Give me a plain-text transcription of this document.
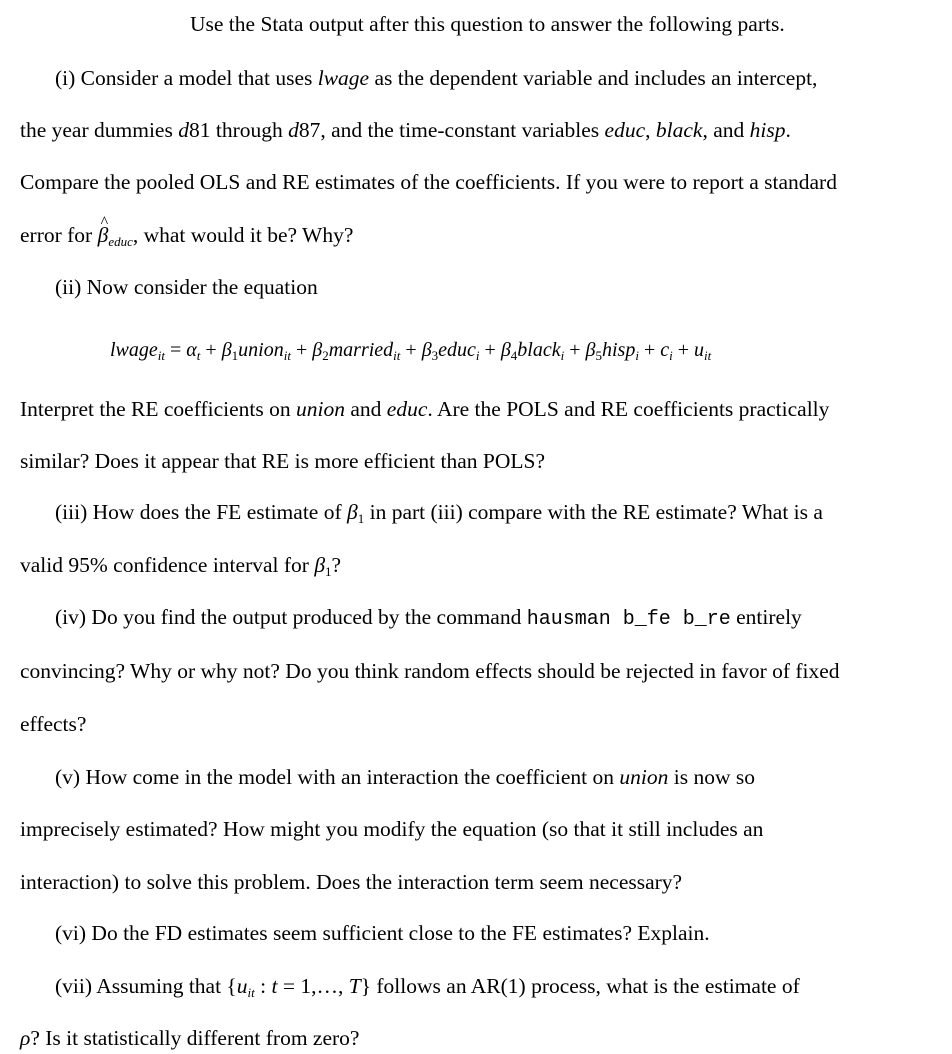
Use the Stata output after this question to answer the following parts.
(i) Consider a model that uses lwage as the dependent variable and includes an intercept,
the year dummies d81 through d87, and the time-constant variables educ, black, and hisp.
Compare the pooled OLS and RE estimates of the coefficients. If you were to report a standard
error for ^ $\beta_{educ}$, what would it be? Why?
(ii) Now consider the equation
lwage$_{it}$ = $\alpha_t$ + $\beta_1union_{it}$ + $\beta_2married_{it}$ + $\beta_3educ_i$ + $\beta_4black_i$ + $\beta_5hisp_i + c_i + u_{it}$
Interpret the RE coefficients on union and educ. Are the POLS and RE coefficients practically
similar? Does it appear that RE is more efficient than POLS?
(iii) How does the FE estimate of $\beta_1$ in part (iii) compare with the RE estimate? What is a
valid 95% confidence interval for $\beta_1$?
(iv) Do you find the output produced by the command hausman b_fe b_re entirely
convincing? Why or why not? Do you think random effects should be rejected in favor of fixed
effects?
(v) How come in the model with an interaction the coefficient on union is now so
imprecisely estimated? How might you modify the equation (so that it still includes an
interaction) to solve this problem. Does the interaction term seem necessary?
(vi) Do the FD estimates seem sufficient close to the FE estimates? Explain.
(vii) Assuming that {$u_{it}$ : t = 1,…, T} follows an AR(1) process, what is the estimate of
ρ? Is it statistically different from zero?
